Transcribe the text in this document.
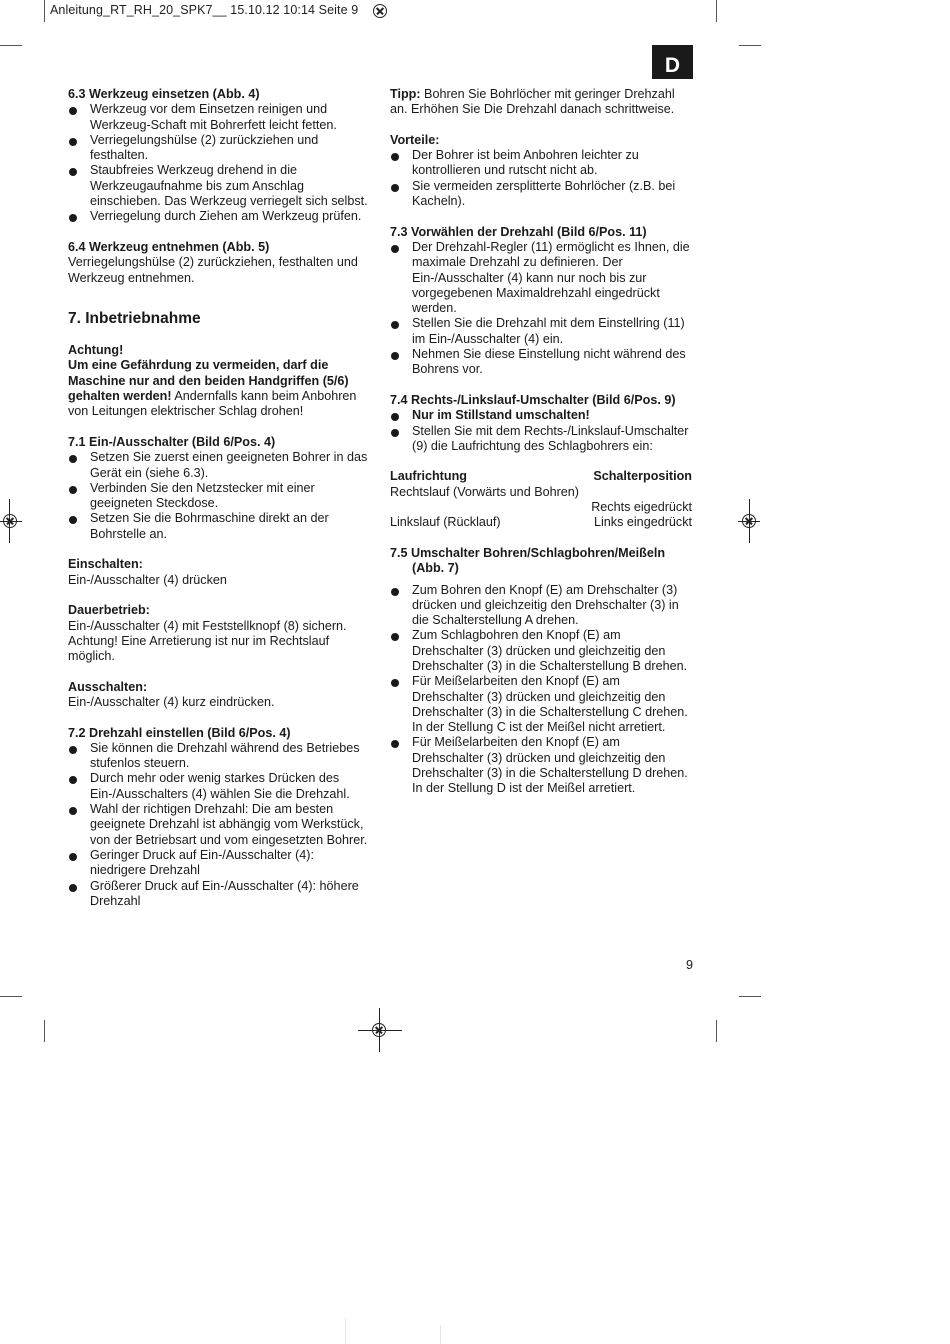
Anleitung_RT_RH_20_SPK7__ 15.10.12 10:14 Seite 9
D
6.3 Werkzeug einsetzen (Abb. 4)
Werkzeug vor dem Einsetzen reinigen und Werkzeug-Schaft mit Bohrerfett leicht fetten.
Verriegelungshülse (2) zurückziehen und festhalten.
Staubfreies Werkzeug drehend in die Werkzeugaufnahme bis zum Anschlag einschieben. Das Werkzeug verriegelt sich selbst.
Verriegelung durch Ziehen am Werkzeug prüfen.
6.4 Werkzeug entnehmen (Abb. 5)

Verriegelungshülse (2) zurückziehen, festhalten und Werkzeug entnehmen.

7. Inbetriebnahme
Achtung!

Um eine Gefährdung zu vermeiden, darf die Maschine nur and den beiden Handgriffen (5/6) gehalten werden! Andernfalls kann beim Anbohren von Leitungen elektrischer Schlag drohen!

7.1 Ein-/Ausschalter (Bild 6/Pos. 4)
Setzen Sie zuerst einen geeigneten Bohrer in das Gerät ein (siehe 6.3).
Verbinden Sie den Netzstecker mit einer geeigneten Steckdose.
Setzen Sie die Bohrmaschine direkt an der Bohrstelle an.
Einschalten:

Ein-/Ausschalter (4) drücken

Dauerbetrieb:

Ein-/Ausschalter (4) mit Feststellknopf (8) sichern. Achtung! Eine Arretierung ist nur im Rechtslauf möglich.

Ausschalten:

Ein-/Ausschalter (4) kurz eindrücken.

7.2 Drehzahl einstellen (Bild 6/Pos. 4)
Sie können die Drehzahl während des Betriebes stufenlos steuern.
Durch mehr oder wenig starkes Drücken des Ein-/Ausschalters (4) wählen Sie die Drehzahl.
Wahl der richtigen Drehzahl: Die am besten geeignete Drehzahl ist abhängig vom Werkstück, von der Betriebsart und vom eingesetzten Bohrer.
Geringer Druck auf Ein-/Ausschalter (4): niedrigere Drehzahl
Größerer Druck auf Ein-/Ausschalter (4): höhere Drehzahl

Tipp: Bohren Sie Bohrlöcher mit geringer Drehzahl an. Erhöhen Sie Die Drehzahl danach schrittweise.

Vorteile:
Der Bohrer ist beim Anbohren leichter zu kontrollieren und rutscht nicht ab.
Sie vermeiden zersplitterte Bohrlöcher (z.B. bei Kacheln).
7.3 Vorwählen der Drehzahl (Bild 6/Pos. 11)
Der Drehzahl-Regler (11) ermöglicht es Ihnen, die maximale Drehzahl zu definieren. Der Ein-/Ausschalter (4) kann nur noch bis zur vorgegebenen Maximaldrehzahl eingedrückt werden.
Stellen Sie die Drehzahl mit dem Einstellring (11) im Ein-/Ausschalter (4) ein.
Nehmen Sie diese Einstellung nicht während des Bohrens vor.
7.4 Rechts-/Linkslauf-Umschalter (Bild 6/Pos. 9)
Nur im Stillstand umschalten!
Stellen Sie mit dem Rechts-/Linkslauf-Umschalter (9) die Laufrichtung des Schlagbohrers ein:
Laufrichtung	Schalterposition
Rechtslauf (Vorwärts und Bohren)
Rechts eigedrückt
Linkslauf (Rücklauf)	Links eingedrückt
7.5 Umschalter Bohren/Schlagbohren/Meißeln
(Abb. 7)
Zum Bohren den Knopf (E) am Drehschalter (3) drücken und gleichzeitig den Drehschalter (3) in die Schalterstellung A drehen.
Zum Schlagbohren den Knopf (E) am Drehschalter (3) drücken und gleichzeitig den Drehschalter (3) in die Schalterstellung B drehen.
Für Meißelarbeiten den Knopf (E) am Drehschalter (3) drücken und gleichzeitig den Drehschalter (3) in die Schalterstellung C drehen. In der Stellung C ist der Meißel nicht arretiert.
Für Meißelarbeiten den Knopf (E) am Drehschalter (3) drücken und gleichzeitig den Drehschalter (3) in die Schalterstellung D drehen. In der Stellung D ist der Meißel arretiert.
9
